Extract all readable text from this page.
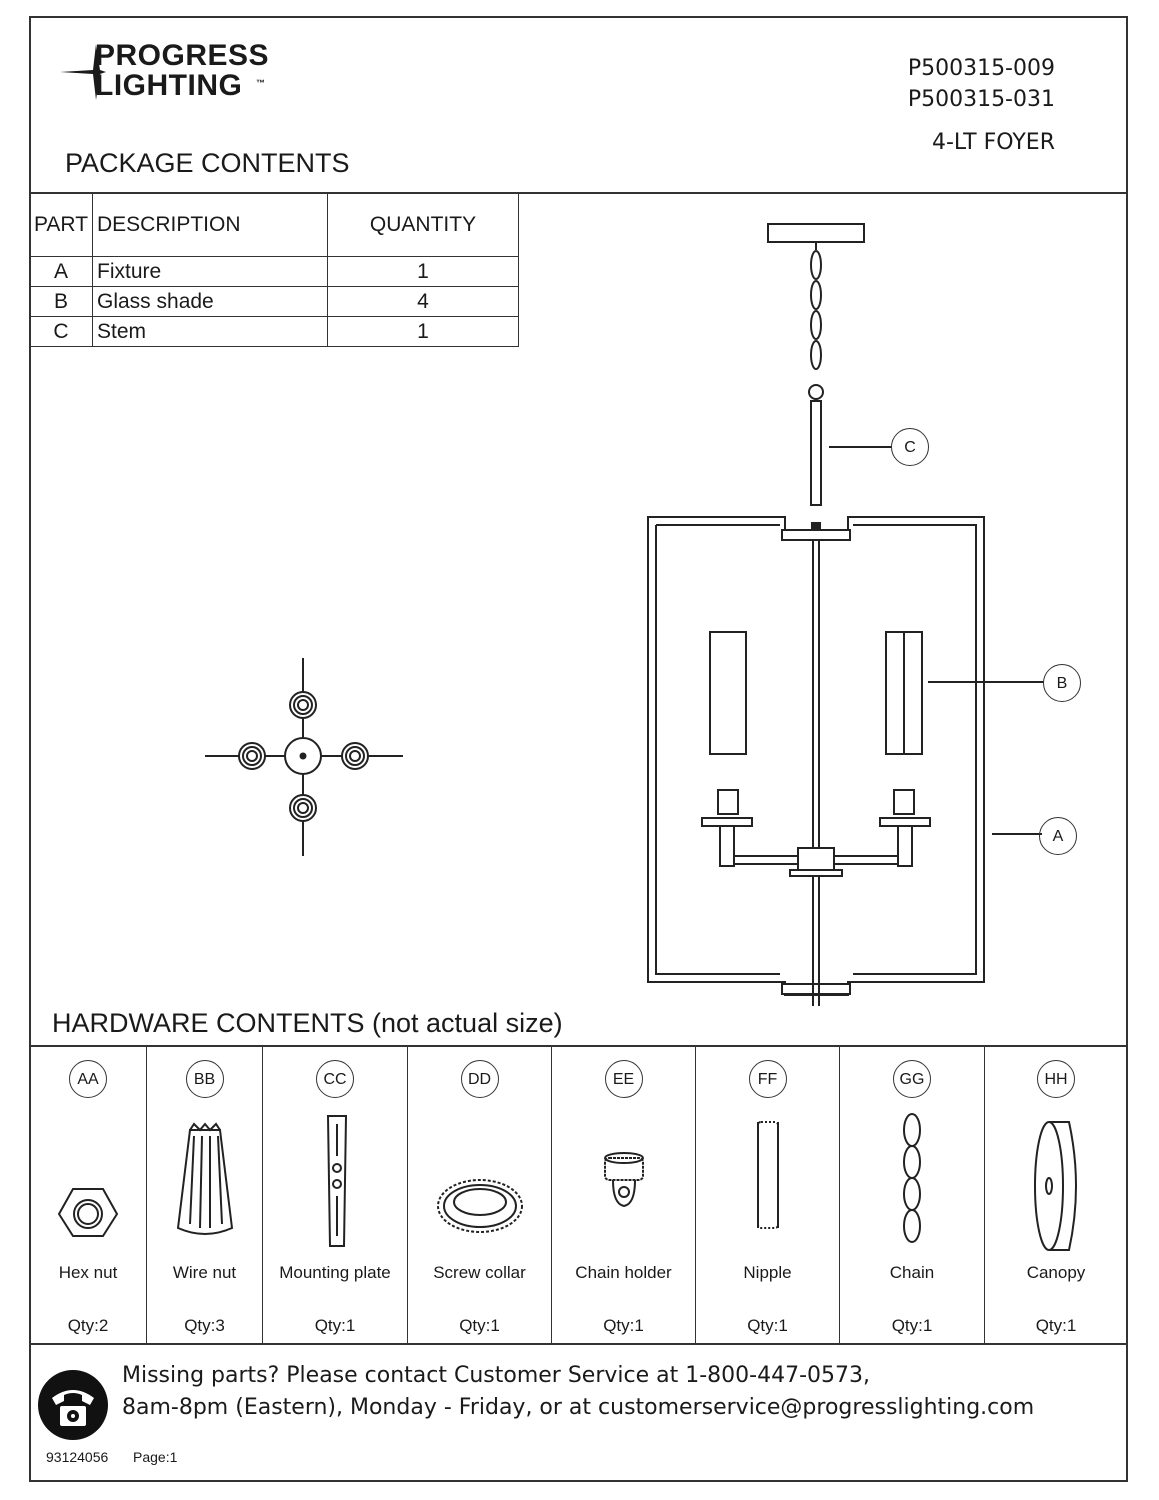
PROGRESS
LIGHTING ™
P500315-009
P500315-031
4-LT FOYER
PACKAGE CONTENTS
PART	DESCRIPTION	QUANTITY
A	Fixture	1
B	Glass shade	4
C	Stem	1
C
B
A
HARDWARE CONTENTS (not actual size)
AA
Hex nut
Qty:2
BB
Wire nut
Qty:3
CC
Mounting plate
Qty:1
DD
Screw collar
Qty:1
EE
Chain holder
Qty:1
FF
Nipple
Qty:1
GG
Chain
Qty:1
HH
Canopy
Qty:1
Missing parts? Please contact Customer Service at 1-800-447-0573,
8am-8pm (Eastern), Monday - Friday, or at customerservice@progresslighting.com
93124056 Page:1
